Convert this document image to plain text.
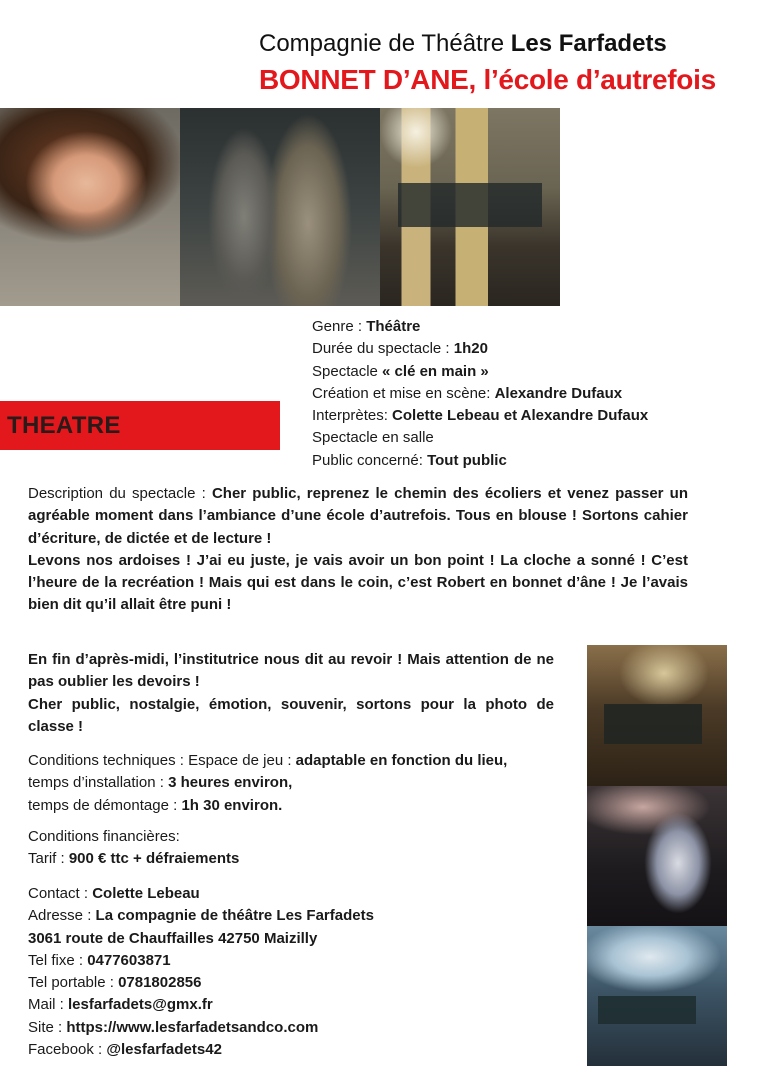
Compagnie de Théâtre Les Farfadets
BONNET D’ANE, l’école d’autrefois
THEATRE
Genre : Théâtre
Durée du spectacle : 1h20
Spectacle « clé en main »
Création et mise en scène: Alexandre Dufaux
Interprètes: Colette Lebeau et Alexandre Dufaux
Spectacle en salle
Public concerné: Tout public

Description du spectacle : Cher public, reprenez le chemin des écoliers et venez passer un agréable moment dans l’ambiance d’une école d’autrefois. Tous en blouse ! Sortons cahier d’écriture, de dictée et de lecture !

Levons nos ardoises ! J’ai eu juste, je vais avoir un bon point ! La cloche a sonné ! C’est l’heure de la recréation ! Mais qui est dans le coin, c’est Robert en bonnet d’âne ! Je l’avais bien dit qu’il allait être puni !

En fin d’après-midi, l’institutrice nous dit au revoir ! Mais attention de ne pas oublier les devoirs !

Cher public, nostalgie, émotion, souvenir, sortons pour la photo de classe !

Conditions techniques : Espace de jeu : adaptable en fonction du lieu,
temps d’installation : 3 heures environ,
temps de démontage : 1h 30 environ.
Conditions financières:
Tarif : 900 € ttc + défraiements
Contact : Colette Lebeau
Adresse : La compagnie de théâtre Les Farfadets
3061 route de Chauffailles 42750 Maizilly
Tel fixe : 0477603871
Tel portable : 0781802856
Mail : lesfarfadets@gmx.fr
Site : https://www.lesfarfadetsandco.com
Facebook : @lesfarfadets42
